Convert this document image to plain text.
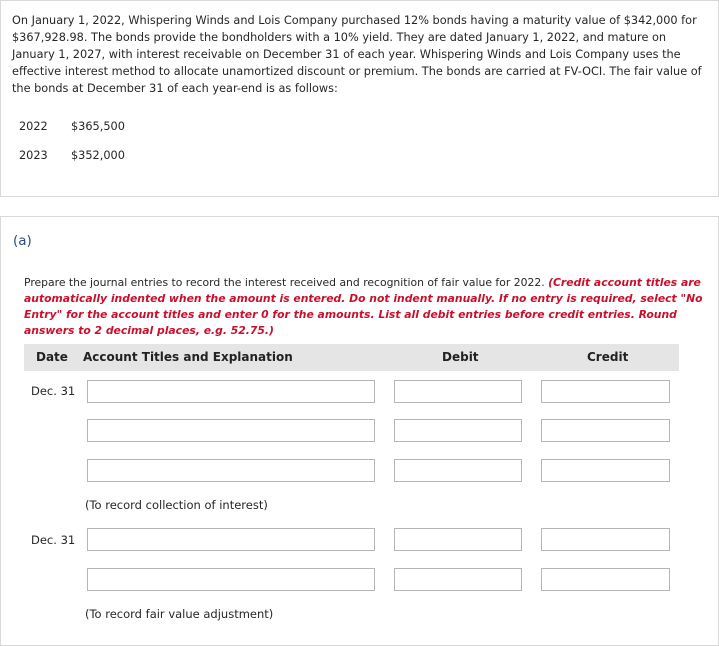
On January 1, 2022, Whispering Winds and Lois Company purchased 12% bonds having a maturity value of $342,000 for $367,928.98. The bonds provide the bondholders with a 10% yield. They are dated January 1, 2022, and mature on January 1, 2027, with interest receivable on December 31 of each year. Whispering Winds and Lois Company uses the effective interest method to allocate unamortized discount or premium. The bonds are carried at FV-OCI. The fair value of the bonds at December 31 of each year-end is as follows:

2022 $365,500
2023 $352,000
(a)

Prepare the journal entries to record the interest received and recognition of fair value for 2022. (Credit account titles are automatically indented when the amount is entered. Do not indent manually. If no entry is required, select "No Entry" for the account titles and enter 0 for the amounts. List all debit entries before credit entries. Round answers to 2 decimal places, e.g. 52.75.)

Date Account Titles and Explanation	Debit	Credit
Dec. 31
(To record collection of interest)
Dec. 31
(To record fair value adjustment)
